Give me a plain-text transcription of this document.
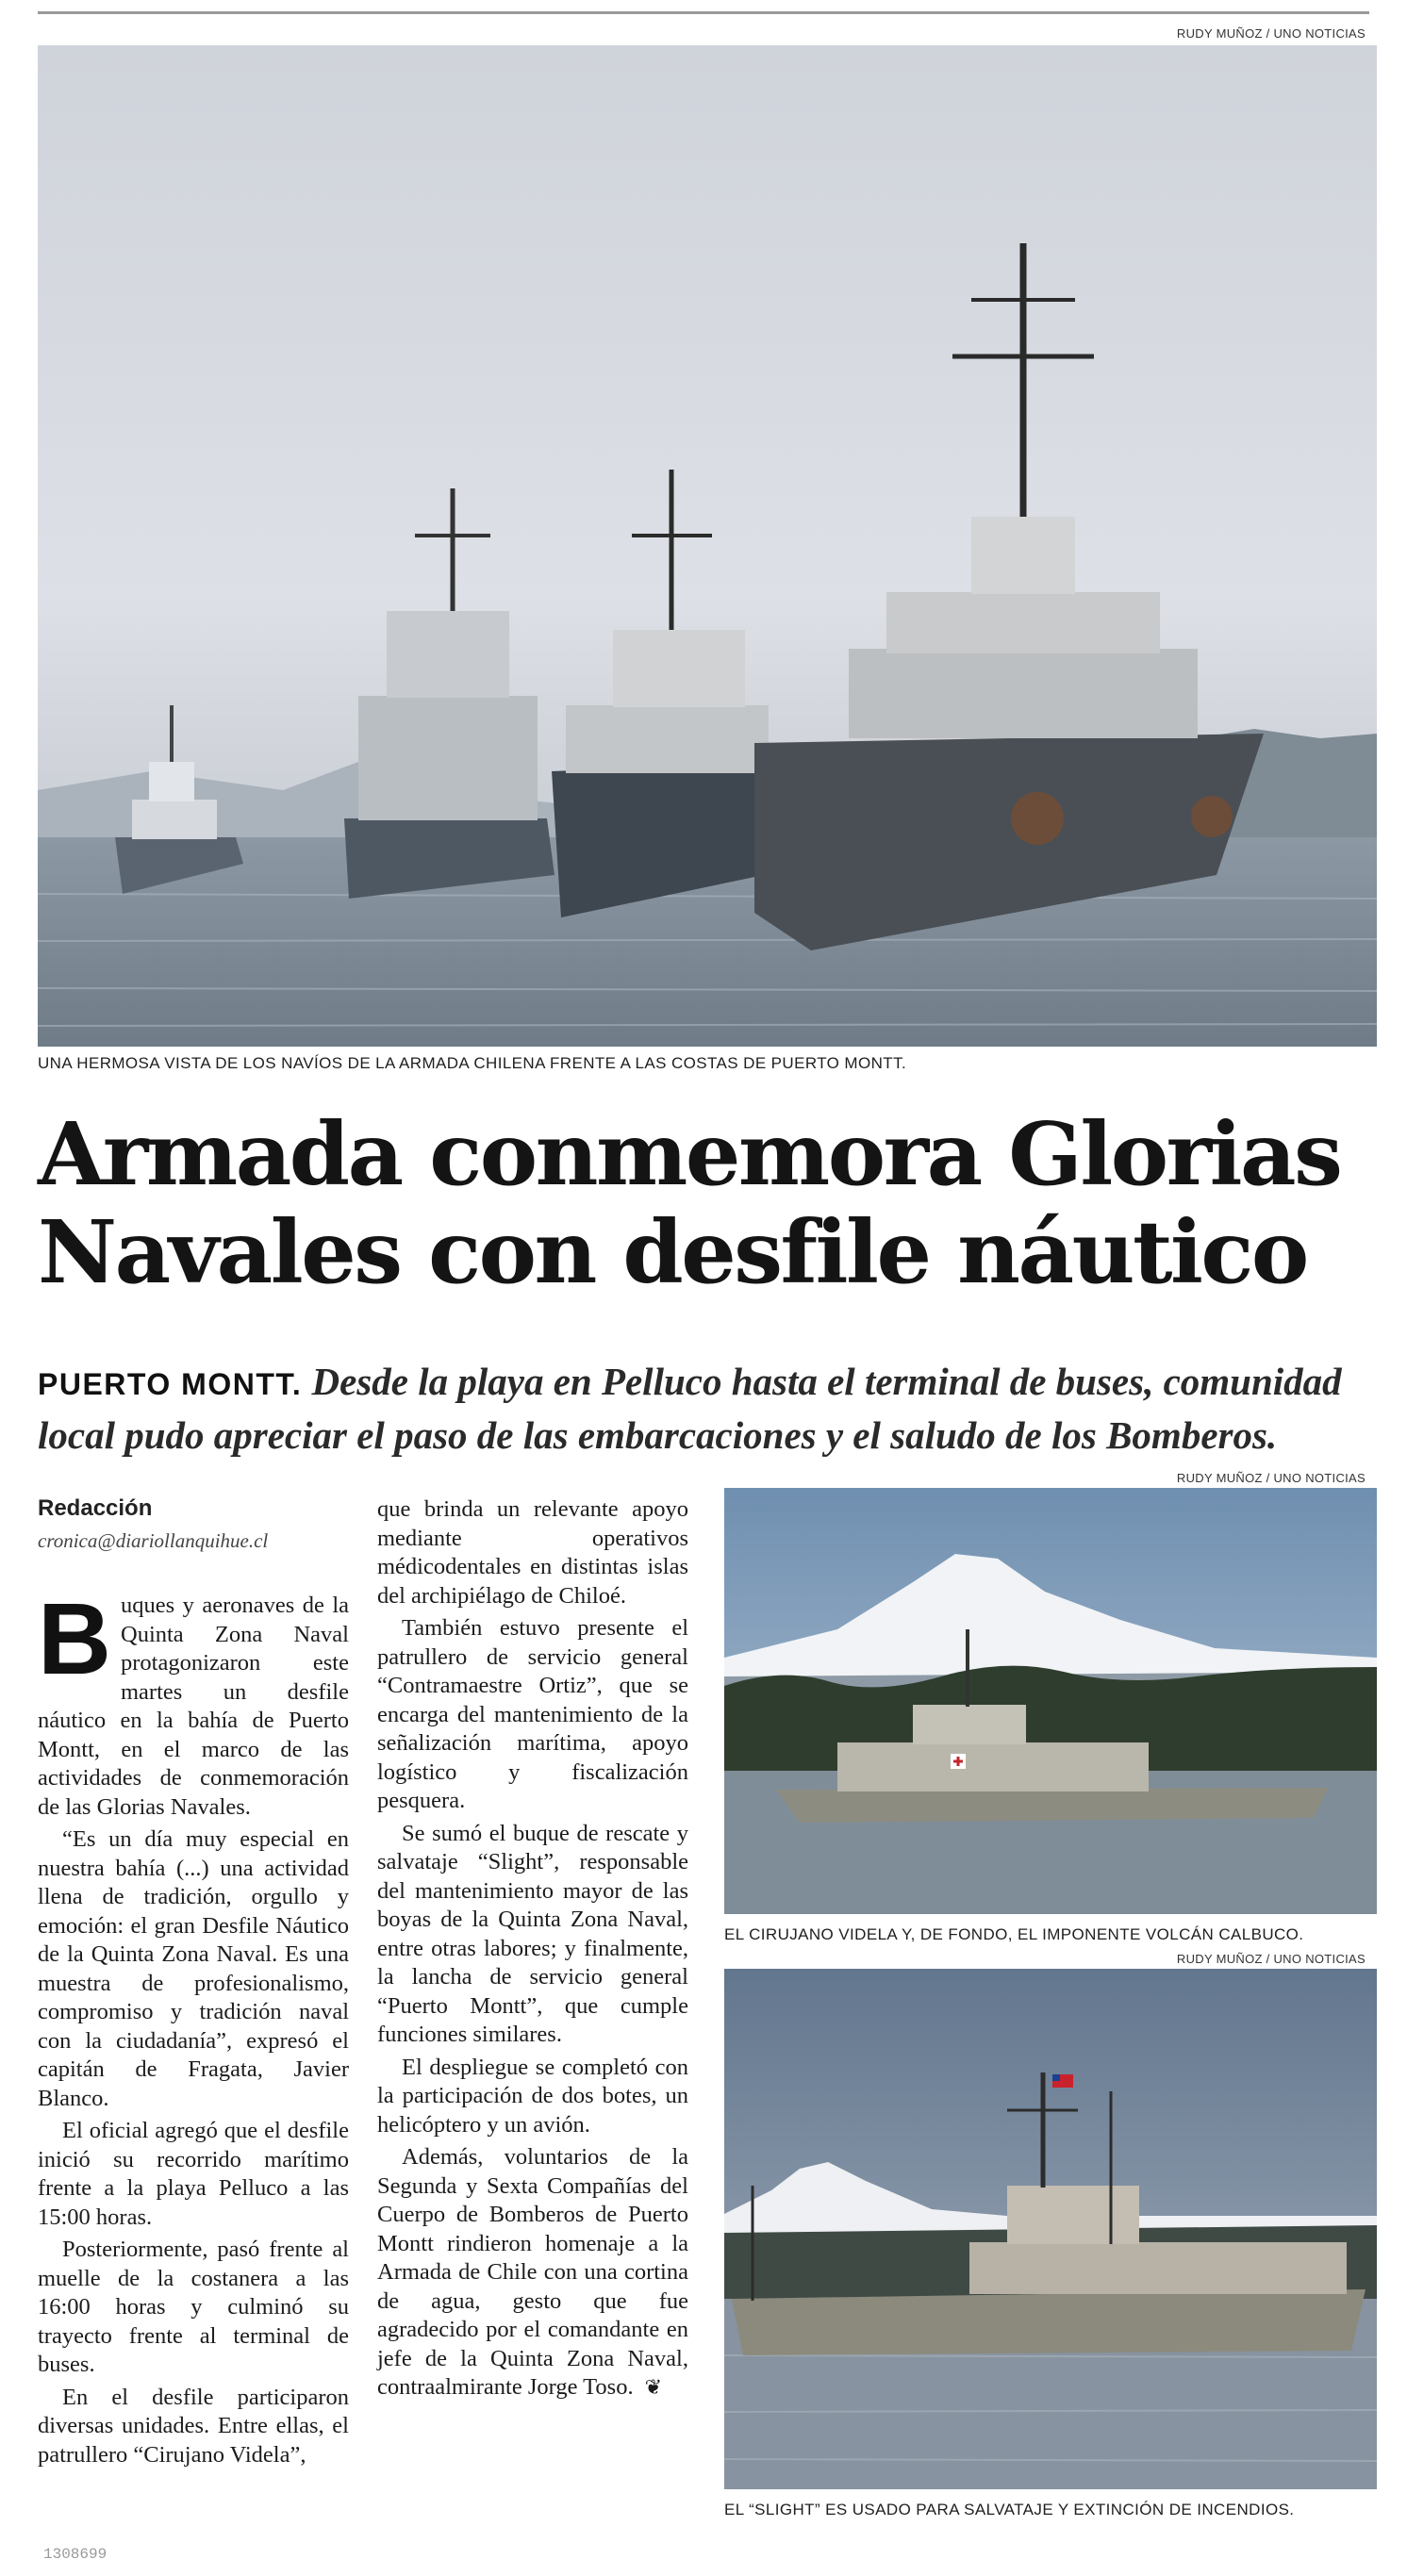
RUDY MUÑOZ / UNO NOTICIAS
UNA HERMOSA VISTA DE LOS NAVÍOS DE LA ARMADA CHILENA FRENTE A LAS COSTAS DE PUERTO MONTT.
Armada conmemora Glorias
Navales con desfile náutico
PUERTO MONTT. Desde la playa en Pelluco hasta el terminal de buses, comunidad local pudo apreciar el paso de las embarcaciones y el saludo de los Bomberos.
Redacción
cronica@diariollanquihue.cl

Buques y aeronaves de la Quinta Zona Naval protagonizaron este martes un desfile náutico en la bahía de Puerto Montt, en el marco de las actividades de conmemoración de las Glorias Navales.

“Es un día muy especial en nuestra bahía (...) una actividad llena de tradición, orgullo y emoción: el gran Desfile Náutico de la Quinta Zona Naval. Es una muestra de profesionalismo, compromiso y tradición naval con la ciudadanía”, expresó el capitán de Fragata, Javier Blanco.

El oficial agregó que el desfile inició su recorrido marítimo frente a la playa Pelluco a las 15:00 horas.

Posteriormente, pasó frente al muelle de la costanera a las 16:00 horas y culminó su trayecto frente al terminal de buses.

En el desfile participaron diversas unidades. Entre ellas, el patrullero “Cirujano Videla”,

que brinda un relevante apoyo mediante operativos médicodentales en distintas islas del archipiélago de Chiloé.

También estuvo presente el patrullero de servicio general “Contramaestre Ortiz”, que se encarga del mantenimiento de la señalización marítima, apoyo logístico y fiscalización pesquera.

Se sumó el buque de rescate y salvataje “Slight”, responsable del mantenimiento mayor de las boyas de la Quinta Zona Naval, entre otras labores; y finalmente, la lancha de servicio general “Puerto Montt”, que cumple funciones similares.

El despliegue se completó con la participación de dos botes, un helicóptero y un avión.

Además, voluntarios de la Segunda y Sexta Compañías del Cuerpo de Bomberos de Puerto Montt rindieron homenaje a la Armada de Chile con una cortina de agua, gesto que fue agradecido por el comandante en jefe de la Quinta Zona Naval, contraalmirante Jorge Toso. ❦

RUDY MUÑOZ / UNO NOTICIAS
EL CIRUJANO VIDELA Y, DE FONDO, EL IMPONENTE VOLCÁN CALBUCO.
RUDY MUÑOZ / UNO NOTICIAS
EL “SLIGHT” ES USADO PARA SALVATAJE Y EXTINCIÓN DE INCENDIOS.
1308699
